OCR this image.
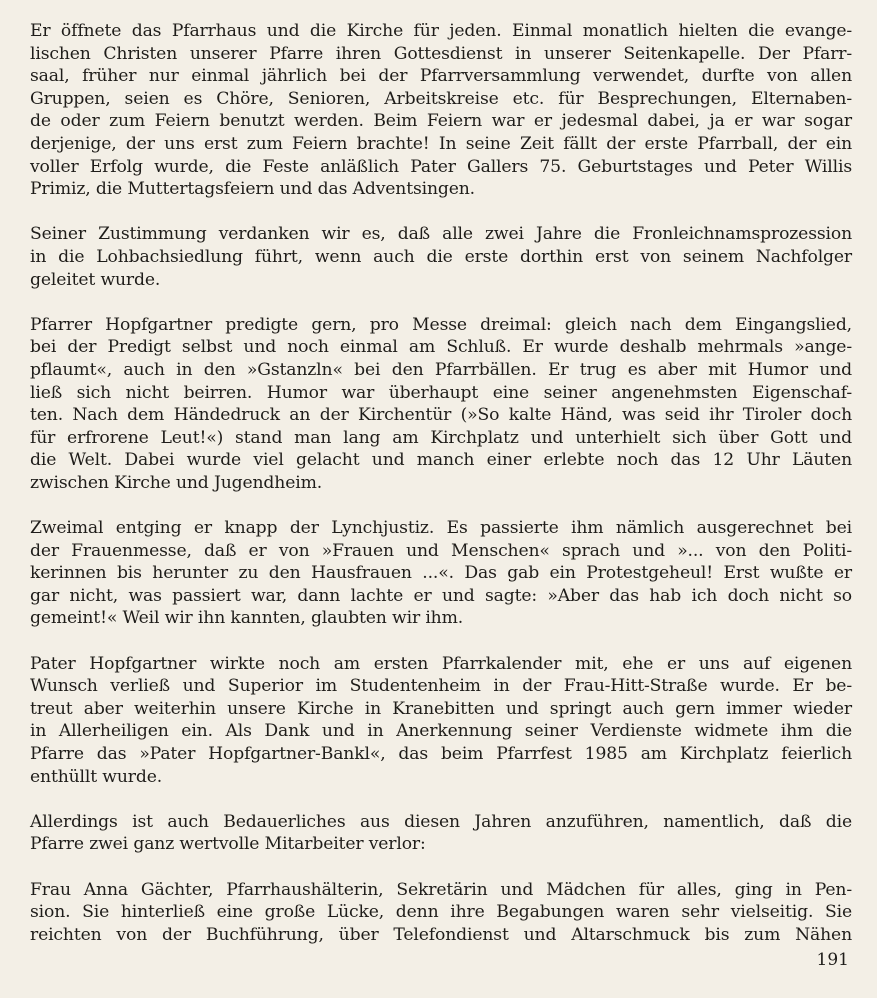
Er öffnete das Pfarrhaus und die Kirche für jeden. Einmal monatlich hielten die evange-
lischen Christen unserer Pfarre ihren Gottesdienst in unserer Seitenkapelle. Der Pfarr-
saal, früher nur einmal jährlich bei der Pfarrversammlung verwendet, durfte von allen
Gruppen, seien es Chöre, Senioren, Arbeitskreise etc. für Besprechungen, Elternaben-
de oder zum Feiern benutzt werden. Beim Feiern war er jedesmal dabei, ja er war sogar
derjenige, der uns erst zum Feiern brachte! In seine Zeit fällt der erste Pfarrball, der ein
voller Erfolg wurde, die Feste anläßlich Pater Gallers 75. Geburtstages und Peter Willis
Primiz, die Muttertagsfeiern und das Adventsingen.

Seiner Zustimmung verdanken wir es, daß alle zwei Jahre die Fronleichnamsprozession
in die Lohbachsiedlung führt, wenn auch die erste dorthin erst von seinem Nachfolger
geleitet wurde.

Pfarrer Hopfgartner predigte gern, pro Messe dreimal: gleich nach dem Eingangslied,
bei der Predigt selbst und noch einmal am Schluß. Er wurde deshalb mehrmals »ange-
pflaumt«, auch in den »Gstanzln« bei den Pfarrbällen. Er trug es aber mit Humor und
ließ sich nicht beirren. Humor war überhaupt eine seiner angenehmsten Eigenschaf-
ten. Nach dem Händedruck an der Kirchentür (»So kalte Händ, was seid ihr Tiroler doch
für erfrorene Leut!«) stand man lang am Kirchplatz und unterhielt sich über Gott und
die Welt. Dabei wurde viel gelacht und manch einer erlebte noch das 12 Uhr Läuten
zwischen Kirche und Jugendheim.

Zweimal entging er knapp der Lynchjustiz. Es passierte ihm nämlich ausgerechnet bei
der Frauenmesse, daß er von »Frauen und Menschen« sprach und »... von den Politi-
kerinnen bis herunter zu den Hausfrauen ...«. Das gab ein Protestgeheul! Erst wußte er
gar nicht, was passiert war, dann lachte er und sagte: »Aber das hab ich doch nicht so
gemeint!« Weil wir ihn kannten, glaubten wir ihm.

Pater Hopfgartner wirkte noch am ersten Pfarrkalender mit, ehe er uns auf eigenen
Wunsch verließ und Superior im Studentenheim in der Frau-Hitt-Straße wurde. Er be-
treut aber weiterhin unsere Kirche in Kranebitten und springt auch gern immer wieder
in Allerheiligen ein. Als Dank und in Anerkennung seiner Verdienste widmete ihm die
Pfarre das »Pater Hopfgartner-Bankl«, das beim Pfarrfest 1985 am Kirchplatz feierlich
enthüllt wurde.

Allerdings ist auch Bedauerliches aus diesen Jahren anzuführen, namentlich, daß die
Pfarre zwei ganz wertvolle Mitarbeiter verlor:

Frau Anna Gächter, Pfarrhaushälterin, Sekretärin und Mädchen für alles, ging in Pen-
sion. Sie hinterließ eine große Lücke, denn ihre Begabungen waren sehr vielseitig. Sie
reichten von der Buchführung, über Telefondienst und Altarschmuck bis zum Nähen

191
